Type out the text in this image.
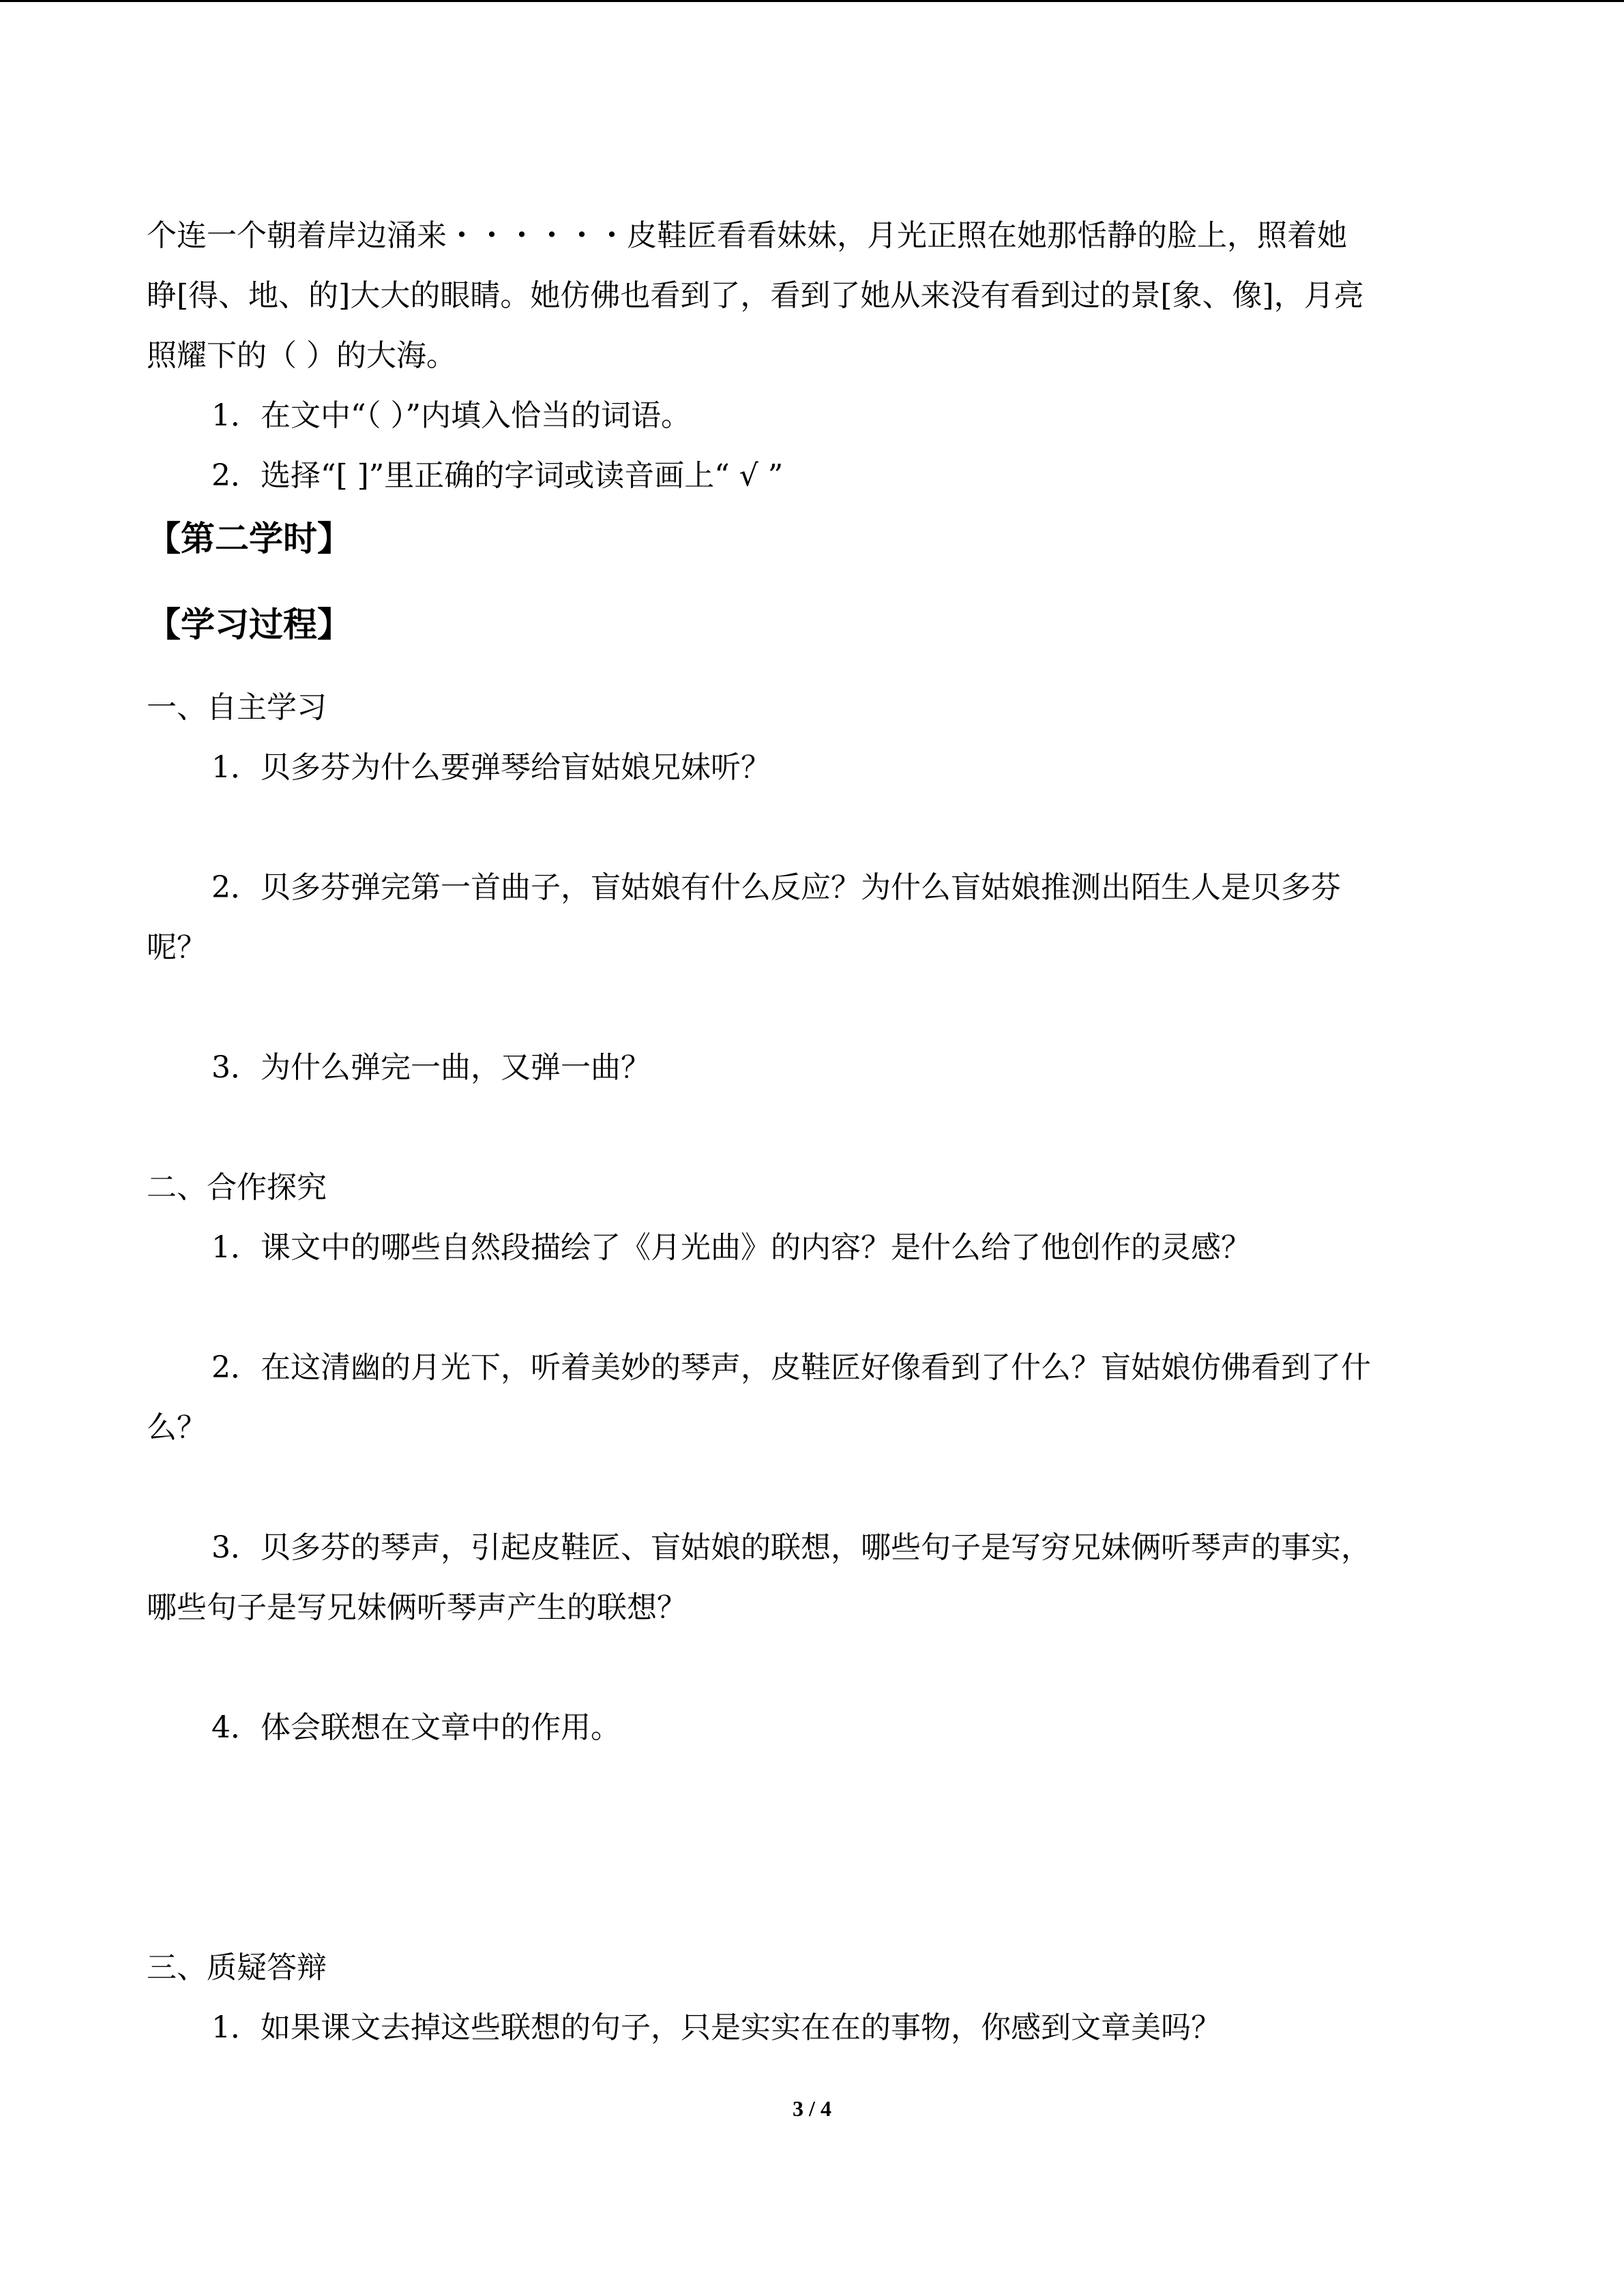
个连一个朝着岸边涌来・・・・・・皮鞋匠看看妹妹，月光正照在她那恬静的脸上，照着她
睁[得、地、的]大大的眼睛。她仿佛也看到了，看到了她从来没有看到过的景[象、像]，月亮
照耀下的（ ）的大海。
1．在文中“（ ）”内填入恰当的词语。
2．选择“[ ]”里正确的字词或读音画上“ √ ”
【第二学时】
【学习过程】
一、自主学习
1．贝多芬为什么要弹琴给盲姑娘兄妹听？
2．贝多芬弹完第一首曲子，盲姑娘有什么反应？为什么盲姑娘推测出陌生人是贝多芬
呢？
3．为什么弹完一曲，又弹一曲？
二、合作探究
1．课文中的哪些自然段描绘了《月光曲》的内容？是什么给了他创作的灵感？
2．在这清幽的月光下，听着美妙的琴声，皮鞋匠好像看到了什么？盲姑娘仿佛看到了什
么？
3．贝多芬的琴声，引起皮鞋匠、盲姑娘的联想，哪些句子是写穷兄妹俩听琴声的事实，
哪些句子是写兄妹俩听琴声产生的联想？
4．体会联想在文章中的作用。
三、质疑答辩
1．如果课文去掉这些联想的句子，只是实实在在的事物，你感到文章美吗？
3 / 4
